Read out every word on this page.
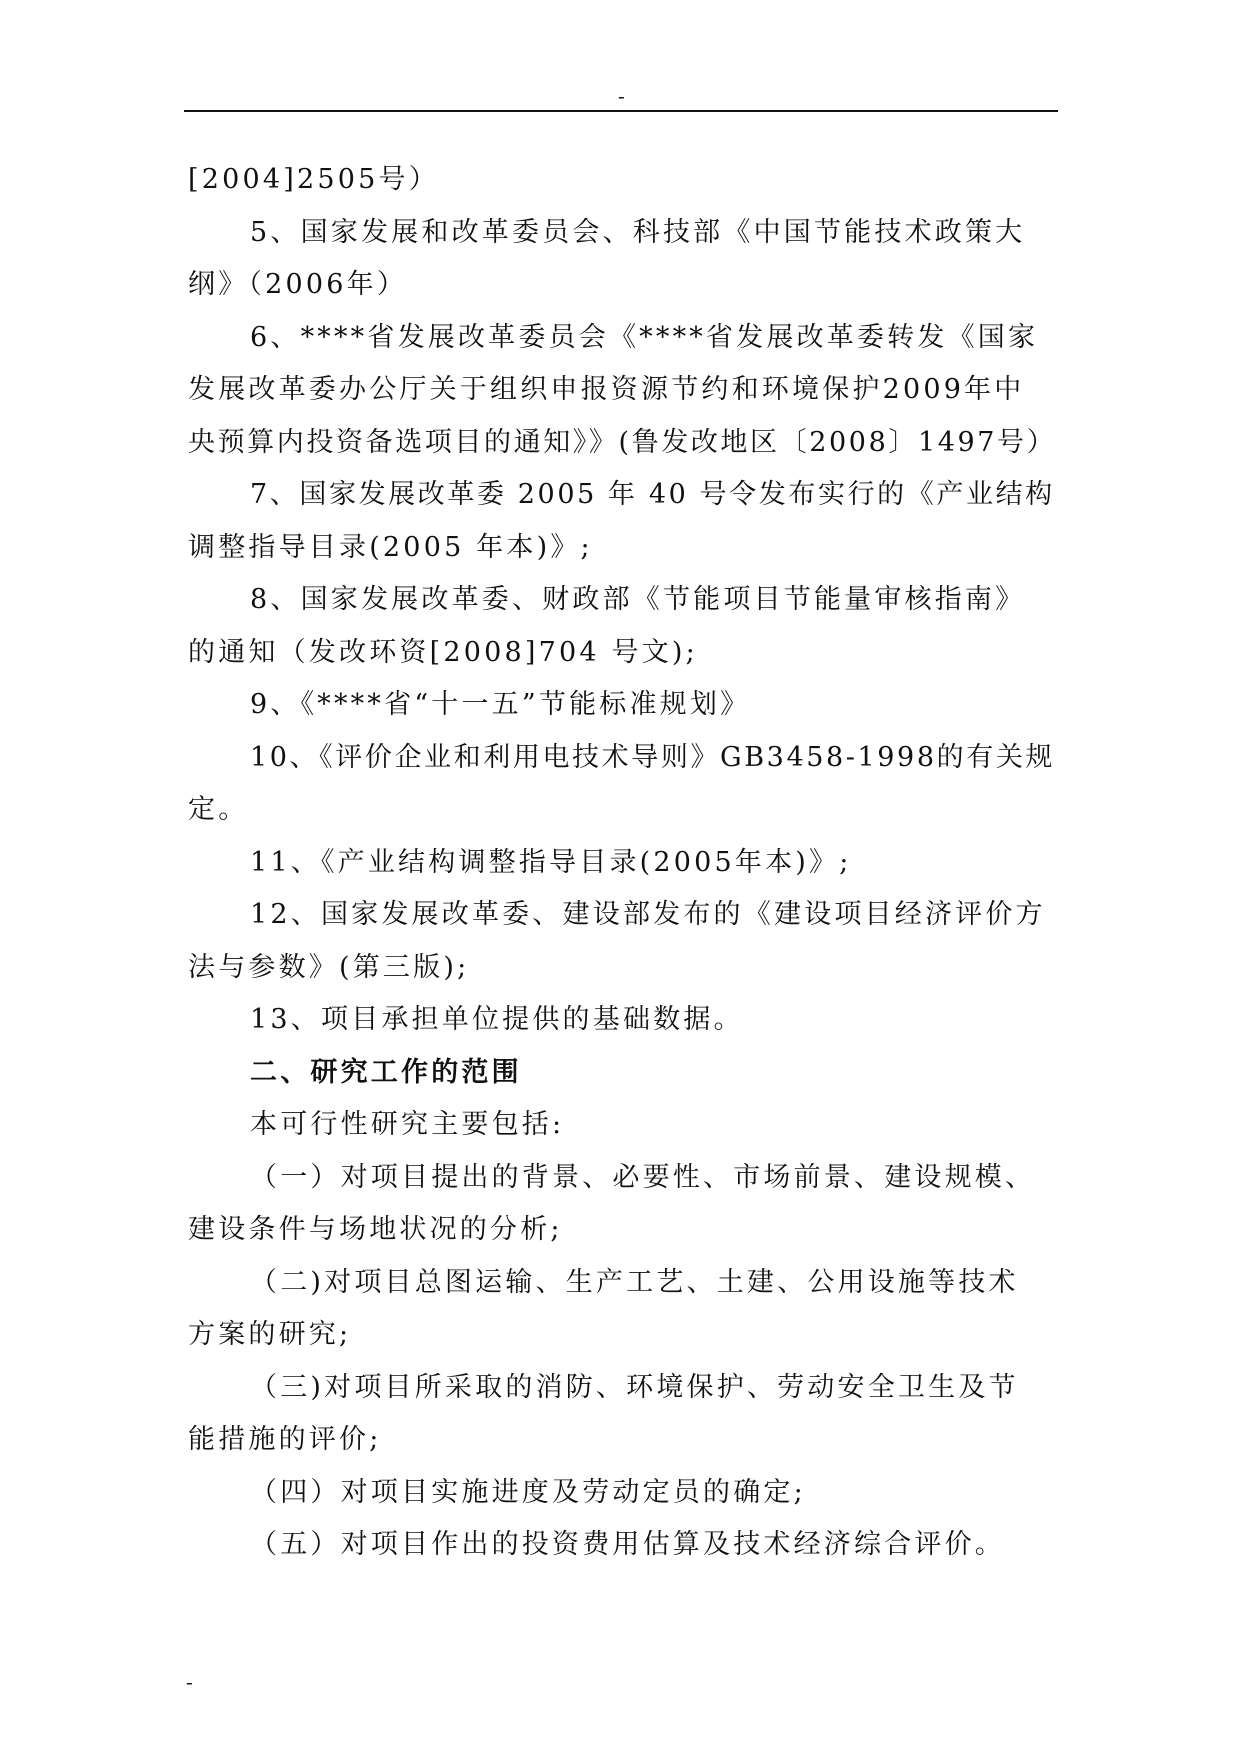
-

[2004]2505号）

5、国家发展和改革委员会、科技部《中国节能技术政策大

纲》（2006年）

6、****省发展改革委员会《****省发展改革委转发《国家

发展改革委办公厅关于组织申报资源节约和环境保护2009年中

央预算内投资备选项目的通知》》(鲁发改地区〔2008〕1497号）

7、国家发展改革委 2005 年 40 号令发布实行的《产业结构

调整指导目录(2005 年本)》;

8、国家发展改革委、财政部《节能项目节能量审核指南》

的通知（发改环资[2008]704 号文);

9、《****省“十一五”节能标准规划》

10、《评价企业和利用电技术导则》GB3458-1998的有关规

定。

11、《产业结构调整指导目录(2005年本)》;

12、国家发展改革委、建设部发布的《建设项目经济评价方

法与参数》(第三版);

13、项目承担单位提供的基础数据。

二、研究工作的范围

本可行性研究主要包括:

（一）对项目提出的背景、必要性、市场前景、建设规模、

建设条件与场地状况的分析;

（二)对项目总图运输、生产工艺、土建、公用设施等技术

方案的研究;

（三)对项目所采取的消防、环境保护、劳动安全卫生及节

能措施的评价;

（四）对项目实施进度及劳动定员的确定;

（五）对项目作出的投资费用估算及技术经济综合评价。

-
